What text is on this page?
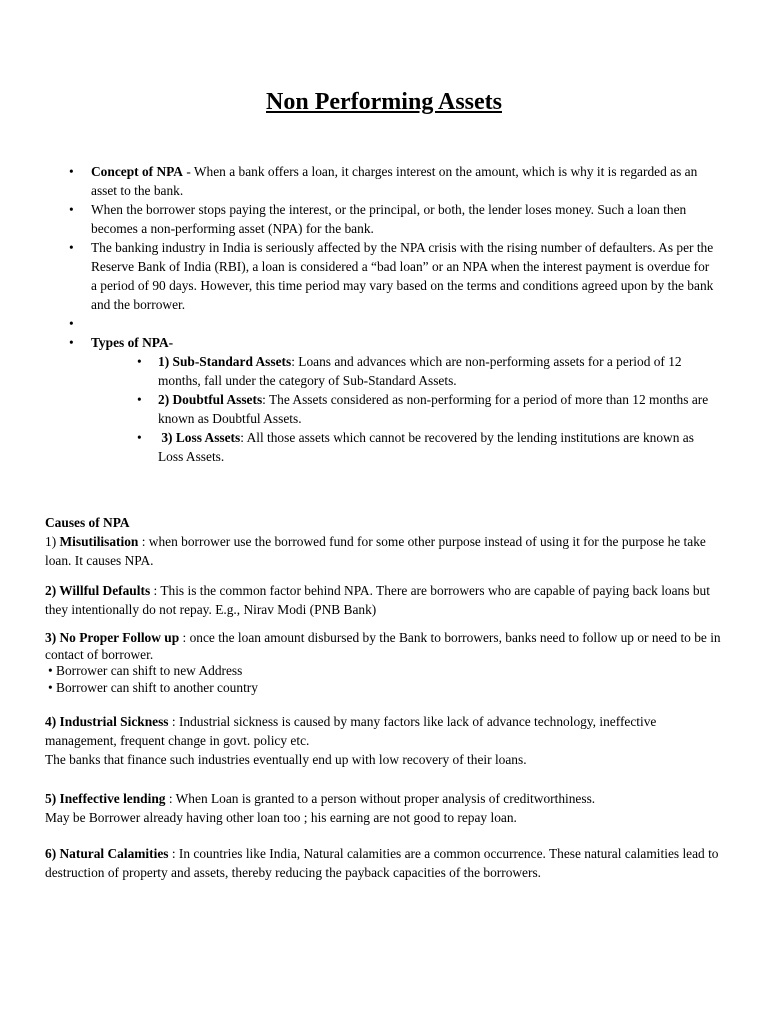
Non Performing Assets

• Concept of NPA - When a bank offers a loan, it charges interest on the amount, which is why it is regarded as an asset to the bank.

• When the borrower stops paying the interest, or the principal, or both, the lender loses money. Such a loan then becomes a non-performing asset (NPA) for the bank.

• The banking industry in India is seriously affected by the NPA crisis with the rising number of defaulters. As per the Reserve Bank of India (RBI), a loan is considered a “bad loan” or an NPA when the interest payment is overdue for a period of 90 days. However, this time period may vary based on the terms and conditions agreed upon by the bank and the borrower.

•

• Types of NPA-

• 1) Sub-Standard Assets: Loans and advances which are non-performing assets for a period of 12 months, fall under the category of Sub-Standard Assets.

• 2) Doubtful Assets: The Assets considered as non-performing for a period of more than 12 months are known as Doubtful Assets.

• 3) Loss Assets: All those assets which cannot be recovered by the lending institutions are known as Loss Assets.

Causes of NPA

1) Misutilisation : when borrower use the borrowed fund for some other purpose instead of using it for the purpose he take loan. It causes NPA.

2) Willful Defaults : This is the common factor behind NPA. There are borrowers who are capable of paying back loans but they intentionally do not repay. E.g., Nirav Modi (PNB Bank)

3) No Proper Follow up : once the loan amount disbursed by the Bank to borrowers, banks need to follow up or need to be in contact of borrower.

• Borrower can shift to new Address
• Borrower can shift to another country

4) Industrial Sickness : Industrial sickness is caused by many factors like lack of advance technology, ineffective management, frequent change in govt. policy etc.

The banks that finance such industries eventually end up with low recovery of their loans.

5) Ineffective lending : When Loan is granted to a person without proper analysis of creditworthiness.

May be Borrower already having other loan too ; his earning are not good to repay loan.

6) Natural Calamities : In countries like India, Natural calamities are a common occurrence. These natural calamities lead to destruction of property and assets, thereby reducing the payback capacities of the borrowers.
